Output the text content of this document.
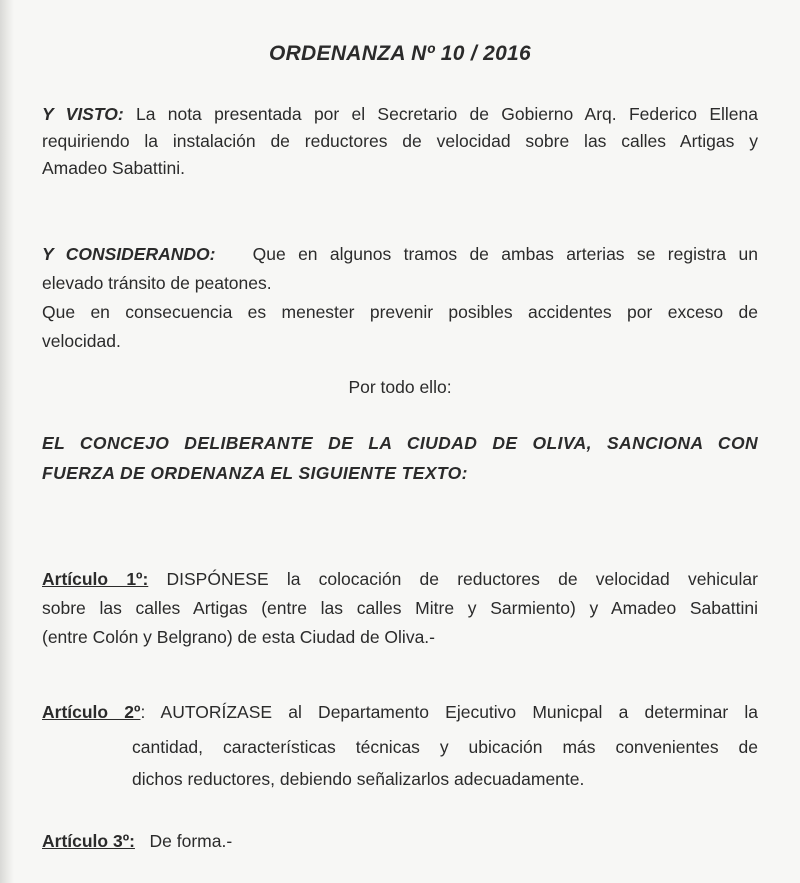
ORDENANZA Nº 10 / 2016
Y VISTO: La nota presentada por el Secretario de Gobierno Arq. Federico Ellena
requiriendo la instalación de reductores de velocidad sobre las calles Artigas y
Amadeo Sabattini.
Y CONSIDERANDO: Que en algunos tramos de ambas arterias se registra un
elevado tránsito de peatones.
Que en consecuencia es menester prevenir posibles accidentes por exceso de
velocidad.
Por todo ello:
EL CONCEJO DELIBERANTE DE LA CIUDAD DE OLIVA, SANCIONA CON
FUERZA DE ORDENANZA EL SIGUIENTE TEXTO:
Artículo 1º: DISPÓNESE la colocación de reductores de velocidad vehicular
sobre las calles Artigas (entre las calles Mitre y Sarmiento) y Amadeo Sabattini
(entre Colón y Belgrano) de esta Ciudad de Oliva.-
Artículo 2º: AUTORÍZASE al Departamento Ejecutivo Municpal a determinar la
cantidad, características técnicas y ubicación más convenientes de
dichos reductores, debiendo señalizarlos adecuadamente.
Artículo 3º: De forma.-
